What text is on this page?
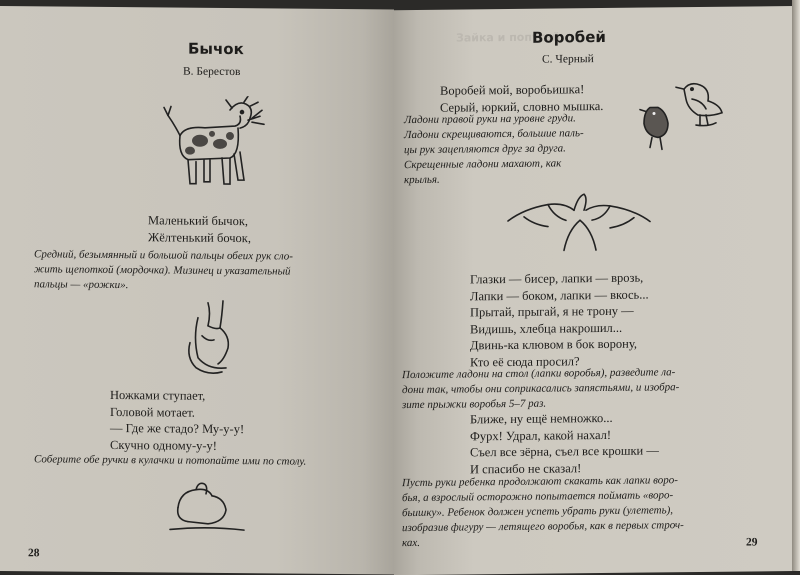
Бычок
В. Берестов
Маленький бычок,
Жёлтенький бочок,
Средний, безымянный и большой пальцы обеих рук сло-
жить щепоткой (мордочка). Мизинец и указательный
пальцы — «рожки».
Ножками ступает,
Головой мотает.
— Где же стадо? Му-у-у!
Скучно одному-у-у!
Соберите обе ручки в кулачки и потопайте ими по столу.
28
Зайка и попугай
Воробей
С. Черный
Воробей мой, воробьишка!
Серый, юркий, словно мышка.
Ладони правой руки на уровне груди.
Ладони скрещиваются, большие паль-
цы рук зацепляются друг за друга.
Скрещенные ладони махают, как
крылья.
Глазки — бисер, лапки — врозь,
Лапки — боком, лапки — вкось...
Прытай, прыгай, я не трону —
Видишь, хлебца накрошил...
Двинь-ка клювом в бок ворону,
Кто её сюда просил?
Положите ладони на стол (лапки воробья), разведите ла-
дони так, чтобы они соприкасались запястьями, и изобра-
зите прыжки воробья 5–7 раз.
Ближе, ну ещё немножко...
Фурх! Удрал, какой нахал!
Съел все зёрна, съел все крошки —
И спасибо не сказал!
Пусть руки ребенка продолжают скакать как лапки воро-
бья, а взрослый осторожно попытается поймать «воро-
бьишку». Ребенок должен успеть убрать руки (улететь),
изобразив фигуру — летящего воробья, как в первых строч-
ках.	29
